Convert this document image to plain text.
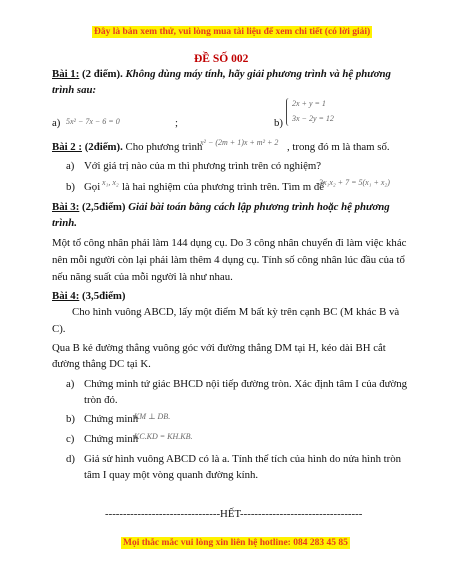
Đây là bản xem thử, vui lòng mua tài liệu để xem chi tiết (có lời giải)
ĐỀ SỐ 002
Bài 1: (2 điểm). Không dùng máy tính, hãy giải phương trình và hệ phương
trình sau:
a) 5x² − 7x − 6 = 0	;	b)
2x + y = 1
3x − 2y = 12
Bài 2 : (2điểm). Cho phương trình
x² − (2m + 1)x + m² + 2 , trong đó m là tham số.
a) Với giá trị nào của m thì phương trình trên có nghiệm?
b) Gọi x₁, x₂ là hai nghiệm của phương trình trên. Tìm m để
3x₁x₂ + 7 = 5(x₁ + x₂)
Bài 3: (2,5điểm) Giải bài toán bằng cách lập phương trình hoặc hệ phương
trình.
Một tổ công nhân phải làm 144 dụng cụ. Do 3 công nhân chuyển đi làm việc khác
nên mỗi người còn lại phải làm thêm 4 dụng cụ. Tính số công nhân lúc đầu của tổ
nếu năng suất của mỗi người là như nhau.
Bài 4: (3,5điểm)
Cho hình vuông ABCD, lấy một điểm M bất kỳ trên cạnh BC (M khác B và
C).
Qua B kẻ đường thẳng vuông góc với đường thẳng DM tại H, kéo dài BH cắt
đường thẳng DC tại K.
a) Chứng minh tứ giác BHCD nội tiếp đường tròn. Xác định tâm I của đường
tròn đó.
b) Chứng minh
KM ⊥ DB.
c) Chứng minh
KC.KD = KH.KB.
d) Giả sử hình vuông ABCD có là a. Tính thể tích của hình do nửa hình tròn
tâm I quay một vòng quanh đường kính.
--------------------------------HẾT----------------------------------
Mọi thắc mắc vui lòng xin liên hệ hotline: 084 283 45 85
